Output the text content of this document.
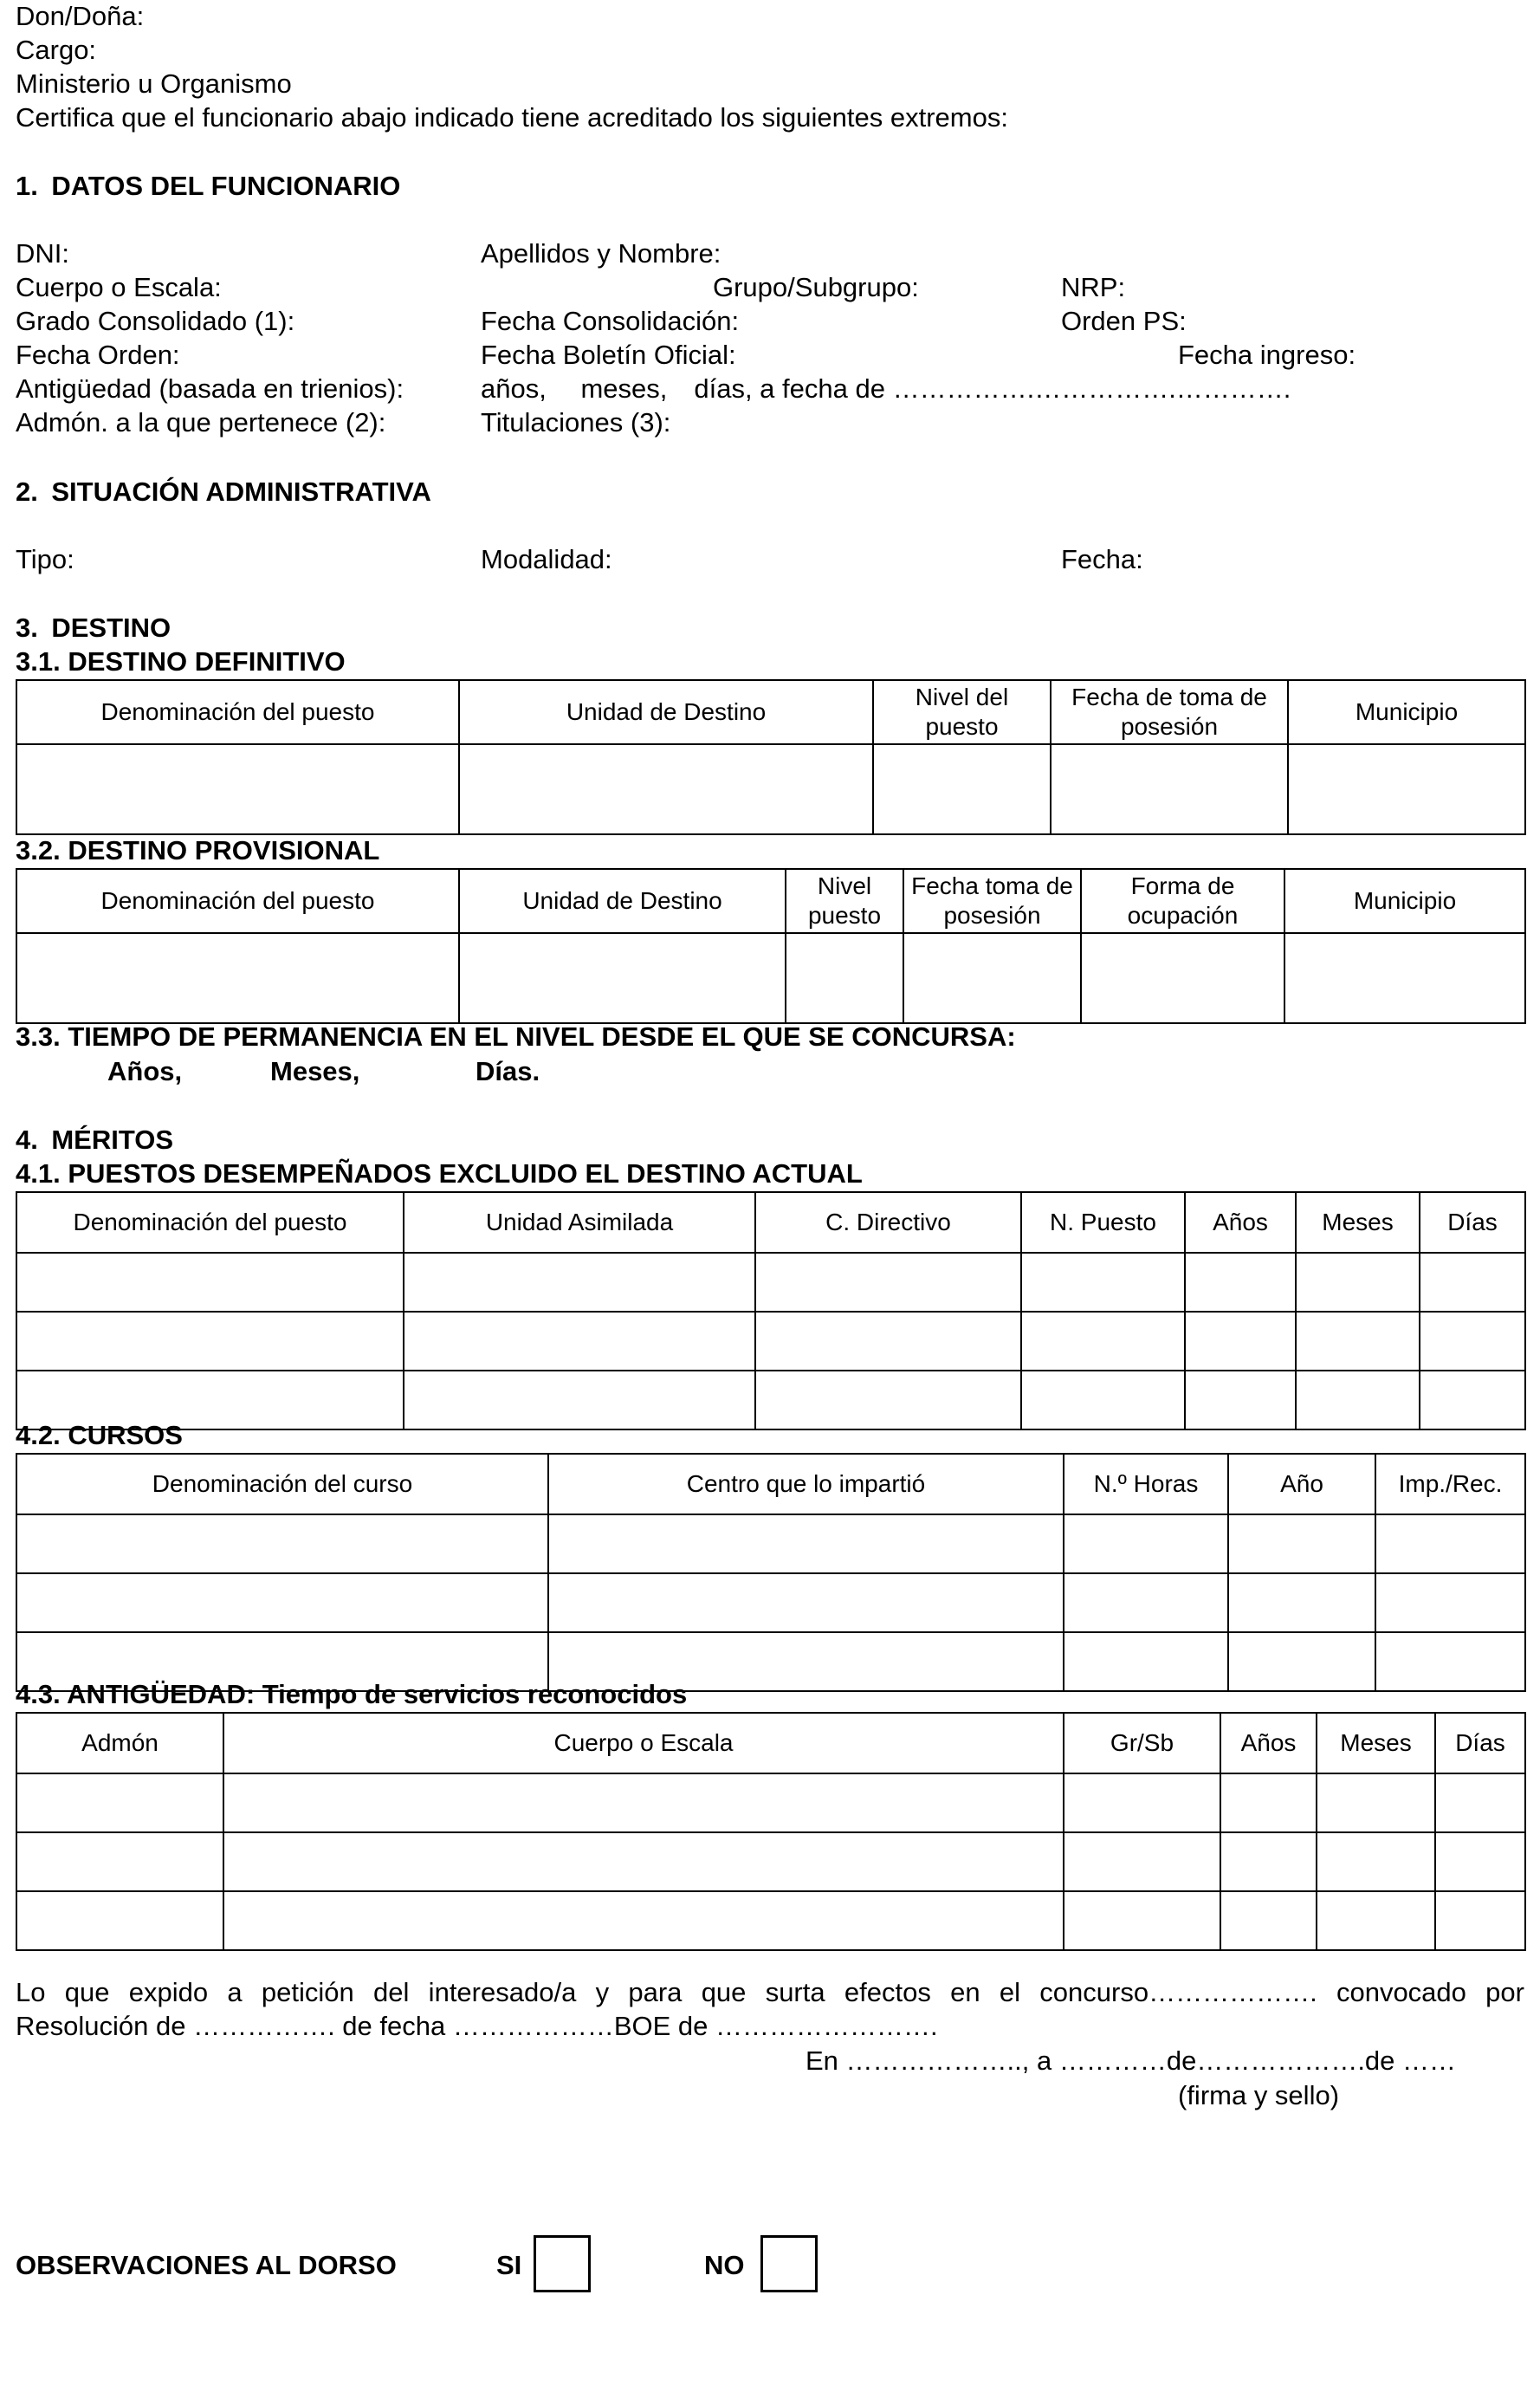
Don/Doña:
Cargo:
Ministerio u Organismo
Certifica que el funcionario abajo indicado tiene acreditado los siguientes extremos:
1. DATOS DEL FUNCIONARIO
DNI:	Apellidos y Nombre:
Cuerpo o Escala:	Grupo/Subgrupo:	NRP:
Grado Consolidado (1):	Fecha Consolidación:	Orden PS:
Fecha Orden:	Fecha Boletín Oficial:	Fecha ingreso:
Antigüedad (basada en trienios):	años,  meses, días, a fecha de …………….…………….………….
Admón. a la que pertenece (2):	Titulaciones (3):
2. SITUACIÓN ADMINISTRATIVA
Tipo:	Modalidad:	Fecha:
3. DESTINO
3.1. DESTINO DEFINITIVO
Denominación del puesto	Unidad de Destino	Nivel del puesto	Fecha de toma de posesión	Municipio

3.2. DESTINO PROVISIONAL
Denominación del puesto	Unidad de Destino	Nivel puesto	Fecha toma de posesión	Forma de ocupación	Municipio

3.3. TIEMPO DE PERMANENCIA EN EL NIVEL DESDE EL QUE SE CONCURSA:
Años,	Meses,	Días.
4. MÉRITOS
4.1. PUESTOS DESEMPEÑADOS EXCLUIDO EL DESTINO ACTUAL
Denominación del puesto	Unidad Asimilada	C. Directivo	N. Puesto	Años	Meses	Días

4.2. CURSOS
Denominación del curso	Centro que lo impartió	N.º Horas	Año	Imp./Rec.

4.3. ANTIGÜEDAD: Tiempo de servicios reconocidos
Admón	Cuerpo o Escala	Gr/Sb	Años	Meses	Días

Lo que expido a petición del interesado/a y para que surta efectos en el concurso………………. convocado por
Resolución de ……………. de fecha ………………BOE de …………………….
En ……………….., a …………de……………….de ……
(firma y sello)
OBSERVACIONES AL DORSO	SI	NO
